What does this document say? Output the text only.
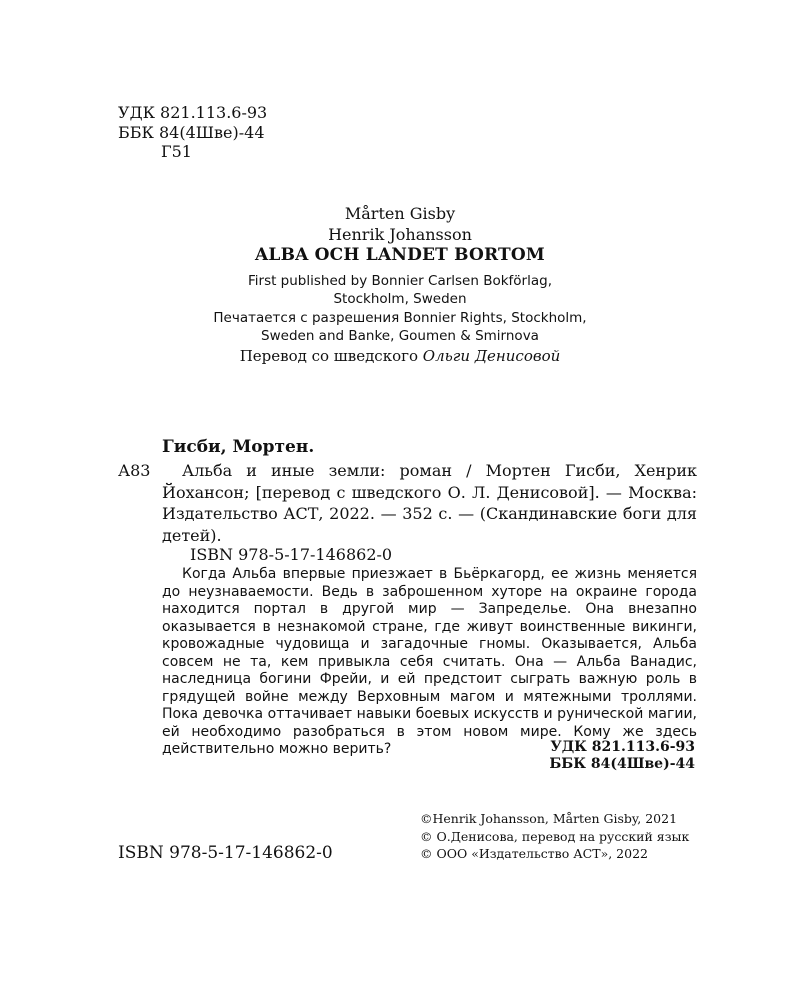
УДК 821.113.6-93
ББК 84(4Шве)-44
Г51
Mårten Gisby
Henrik Johansson
ALBA OCH LANDET BORTOM
First published by Bonnier Carlsen Bokförlag,
Stockholm, Sweden
Печатается с разрешения Bonnier Rights, Stockholm,
Sweden and Banke, Goumen & Smirnova
Перевод со шведского Ольги Денисовой
Гисби, Мортен.
А83	Альба и иные земли: роман / Мортен Гисби, Хенрик Йохансон; [перевод с шведского О. Л. Денисовой]. — Москва: Издательство АСТ, 2022. — 352 с. — (Скандинавские боги для детей).
ISBN 978-5-17-146862-0
Когда Альба впервые приезжает в Бьёркагорд, ее жизнь меняется до неузнаваемости. Ведь в заброшенном хуторе на окраине города находится портал в другой мир — Запределье. Она внезапно оказывается в незнакомой стране, где живут воинственные викинги, кровожадные чудовища и загадочные гномы. Оказывается, Альба совсем не та, кем привыкла себя считать. Она — Альба Ванадис, наследница богини Фрейи, и ей предстоит сыграть важную роль в грядущей войне между Верховным магом и мятежными троллями. Пока девочка оттачивает навыки боевых искусств и рунической магии, ей необходимо разобраться в этом новом мире. Кому же здесь действительно можно верить?	УДК 821.113.6-93
ББК 84(4Шве)-44
ISBN 978-5-17-146862-0
©Henrik Johansson, Mårten Gisby, 2021
© О.Денисова, перевод на русский язык
© ООО «Издательство АСТ», 2022
